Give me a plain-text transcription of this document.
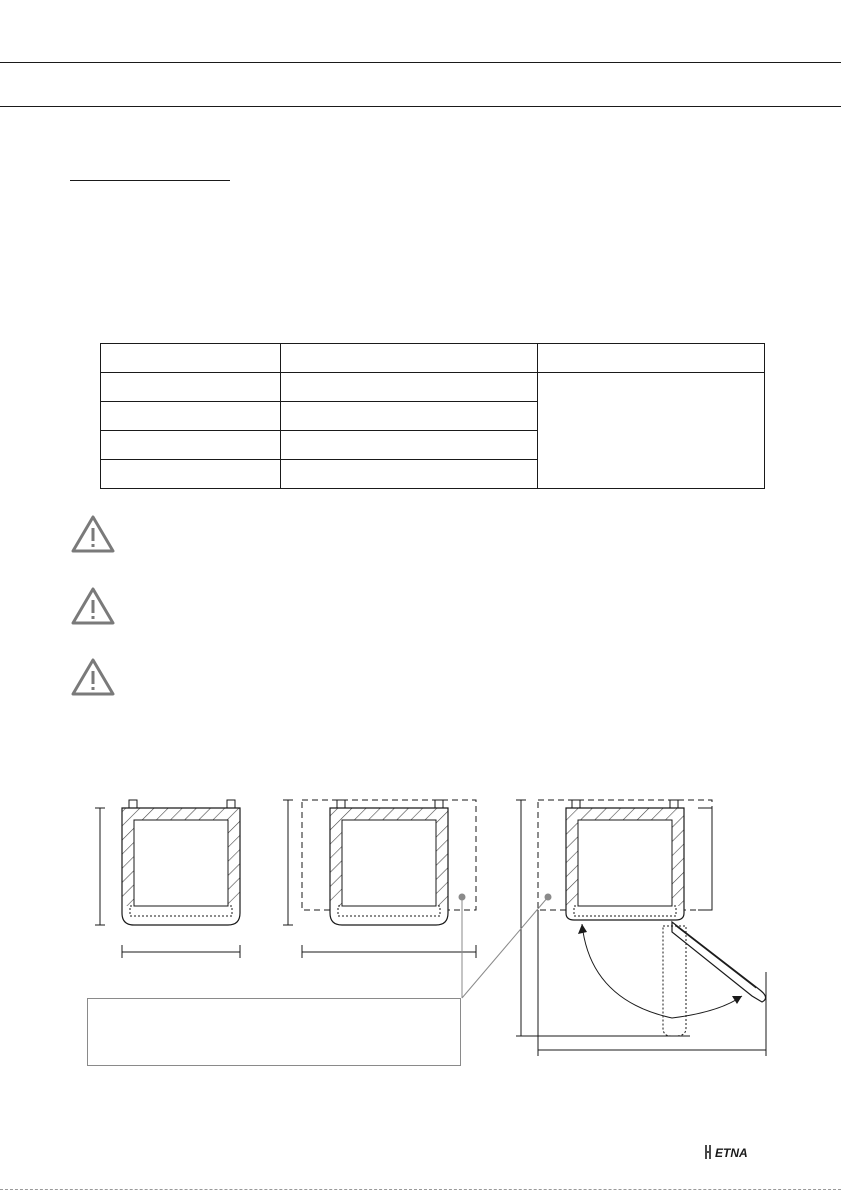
ETNA
